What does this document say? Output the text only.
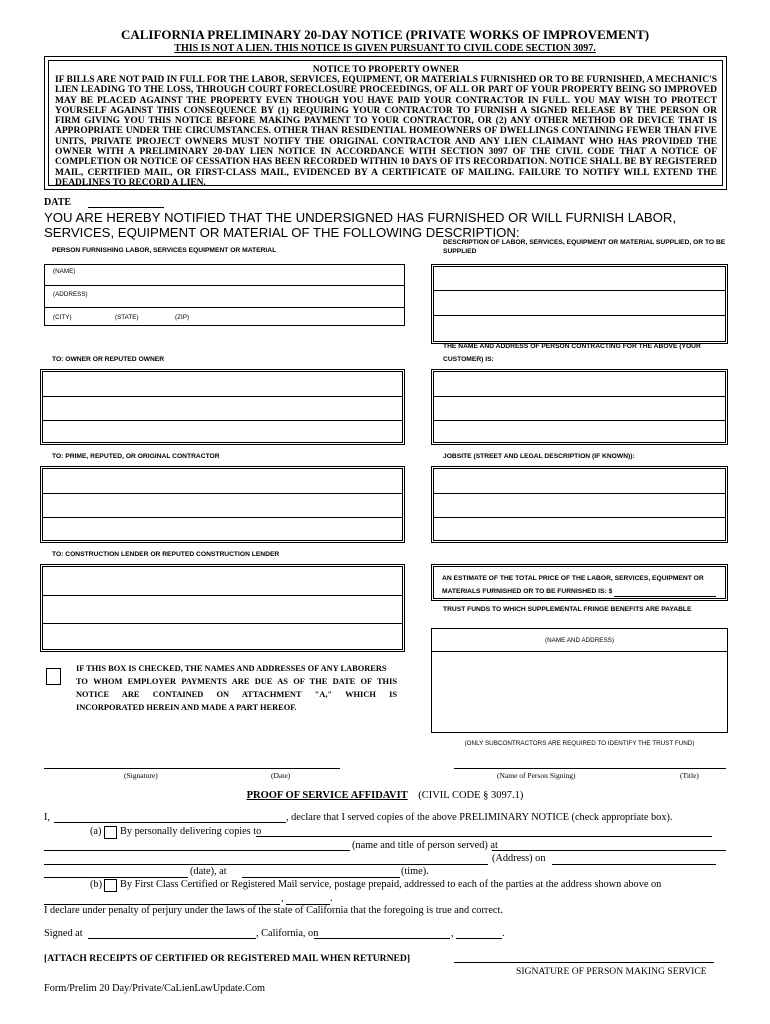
CALIFORNIA PRELIMINARY 20-DAY NOTICE (PRIVATE WORKS OF IMPROVEMENT)
THIS IS NOT A LIEN. THIS NOTICE IS GIVEN PURSUANT TO CIVIL CODE SECTION 3097.
NOTICE TO PROPERTY OWNER
IF BILLS ARE NOT PAID IN FULL FOR THE LABOR, SERVICES, EQUIPMENT, OR MATERIALS FURNISHED OR TO BE FURNISHED, A MECHANIC'S LIEN LEADING TO THE LOSS, THROUGH COURT FORECLOSURE PROCEEDINGS, OF ALL OR PART OF YOUR PROPERTY BEING SO IMPROVED MAY BE PLACED AGAINST THE PROPERTY EVEN THOUGH YOU HAVE PAID YOUR CONTRACTOR IN FULL. YOU MAY WISH TO PROTECT YOURSELF AGAINST THIS CONSEQUENCE BY (1) REQUIRING YOUR CONTRACTOR TO FURNISH A SIGNED RELEASE BY THE PERSON OR FIRM GIVING YOU THIS NOTICE BEFORE MAKING PAYMENT TO YOUR CONTRACTOR, OR (2) ANY OTHER METHOD OR DEVICE THAT IS APPROPRIATE UNDER THE CIRCUMSTANCES. OTHER THAN RESIDENTIAL HOMEOWNERS OF DWELLINGS CONTAINING FEWER THAN FIVE UNITS, PRIVATE PROJECT OWNERS MUST NOTIFY THE ORIGINAL CONTRACTOR AND ANY LIEN CLAIMANT WHO HAS PROVIDED THE OWNER WITH A PRELIMINARY 20-DAY LIEN NOTICE IN ACCORDANCE WITH SECTION 3097 OF THE CIVIL CODE THAT A NOTICE OF COMPLETION OR NOTICE OF CESSATION HAS BEEN RECORDED WITHIN 10 DAYS OF ITS RECORDATION. NOTICE SHALL BE BY REGISTERED MAIL, CERTIFIED MAIL, OR FIRST-CLASS MAIL, EVIDENCED BY A CERTIFICATE OF MAILING. FAILURE TO NOTIFY WILL EXTEND THE DEADLINES TO RECORD A LIEN.
DATE
YOU ARE HEREBY NOTIFIED THAT THE UNDERSIGNED HAS FURNISHED OR WILL FURNISH LABOR, SERVICES, EQUIPMENT OR MATERIAL OF THE FOLLOWING DESCRIPTION:
PERSON FURNISHING LABOR, SERVICES EQUIPMENT OR MATERIAL
DESCRIPTION OF LABOR, SERVICES, EQUIPMENT OR MATERIAL SUPPLIED, OR TO BE SUPPLIED
(NAME)
(ADDRESS)
(CITY)	(STATE)	(ZIP)
TO: OWNER OR REPUTED OWNER
THE NAME AND ADDRESS OF PERSON CONTRACTING FOR THE ABOVE (YOUR
CUSTOMER) IS:
TO: PRIME, REPUTED, OR ORIGINAL CONTRACTOR	JOBSITE (STREET AND LEGAL DESCRIPTION (IF KNOWN)):
TO: CONSTRUCTION LENDER OR REPUTED CONSTRUCTION LENDER
AN ESTIMATE OF THE TOTAL PRICE OF THE LABOR, SERVICES, EQUIPMENT OR
MATERIALS FURNISHED OR TO BE FURNISHED IS: $
TRUST FUNDS TO WHICH SUPPLEMENTAL FRINGE BENEFITS ARE PAYABLE
(NAME AND ADDRESS)
(ONLY SUBCONTRACTORS ARE REQUIRED TO IDENTIFY THE TRUST FUND)
IF THIS BOX IS CHECKED, THE NAMES AND ADDRESSES OF ANY LABORERS
TO WHOM EMPLOYER PAYMENTS ARE DUE AS OF THE DATE OF THIS
NOTICE ARE CONTAINED ON ATTACHMENT "A," WHICH IS
INCORPORATED HEREIN AND MADE A PART HEREOF.
(Signature)	(Date)	(Name of Person Signing)	(Title)
PROOF OF SERVICE AFFIDAVIT (CIVIL CODE § 3097.1)
I,	, declare that I served copies of the above PRELIMINARY NOTICE (check appropriate box).
(a) By personally delivering copies to
(name and title of person served) at
(Address) on
(date), at	(time).
(b) By First Class Certified or Registered Mail service, postage prepaid, addressed to each of the parties at the address shown above on
,	.
I declare under penalty of perjury under the laws of the state of California that the foregoing is true and correct.
Signed at	, California, on	,	.
[ATTACH RECEIPTS OF CERTIFIED OR REGISTERED MAIL WHEN RETURNED]
SIGNATURE OF PERSON MAKING SERVICE
Form/Prelim 20 Day/Private/CaLienLawUpdate.Com
